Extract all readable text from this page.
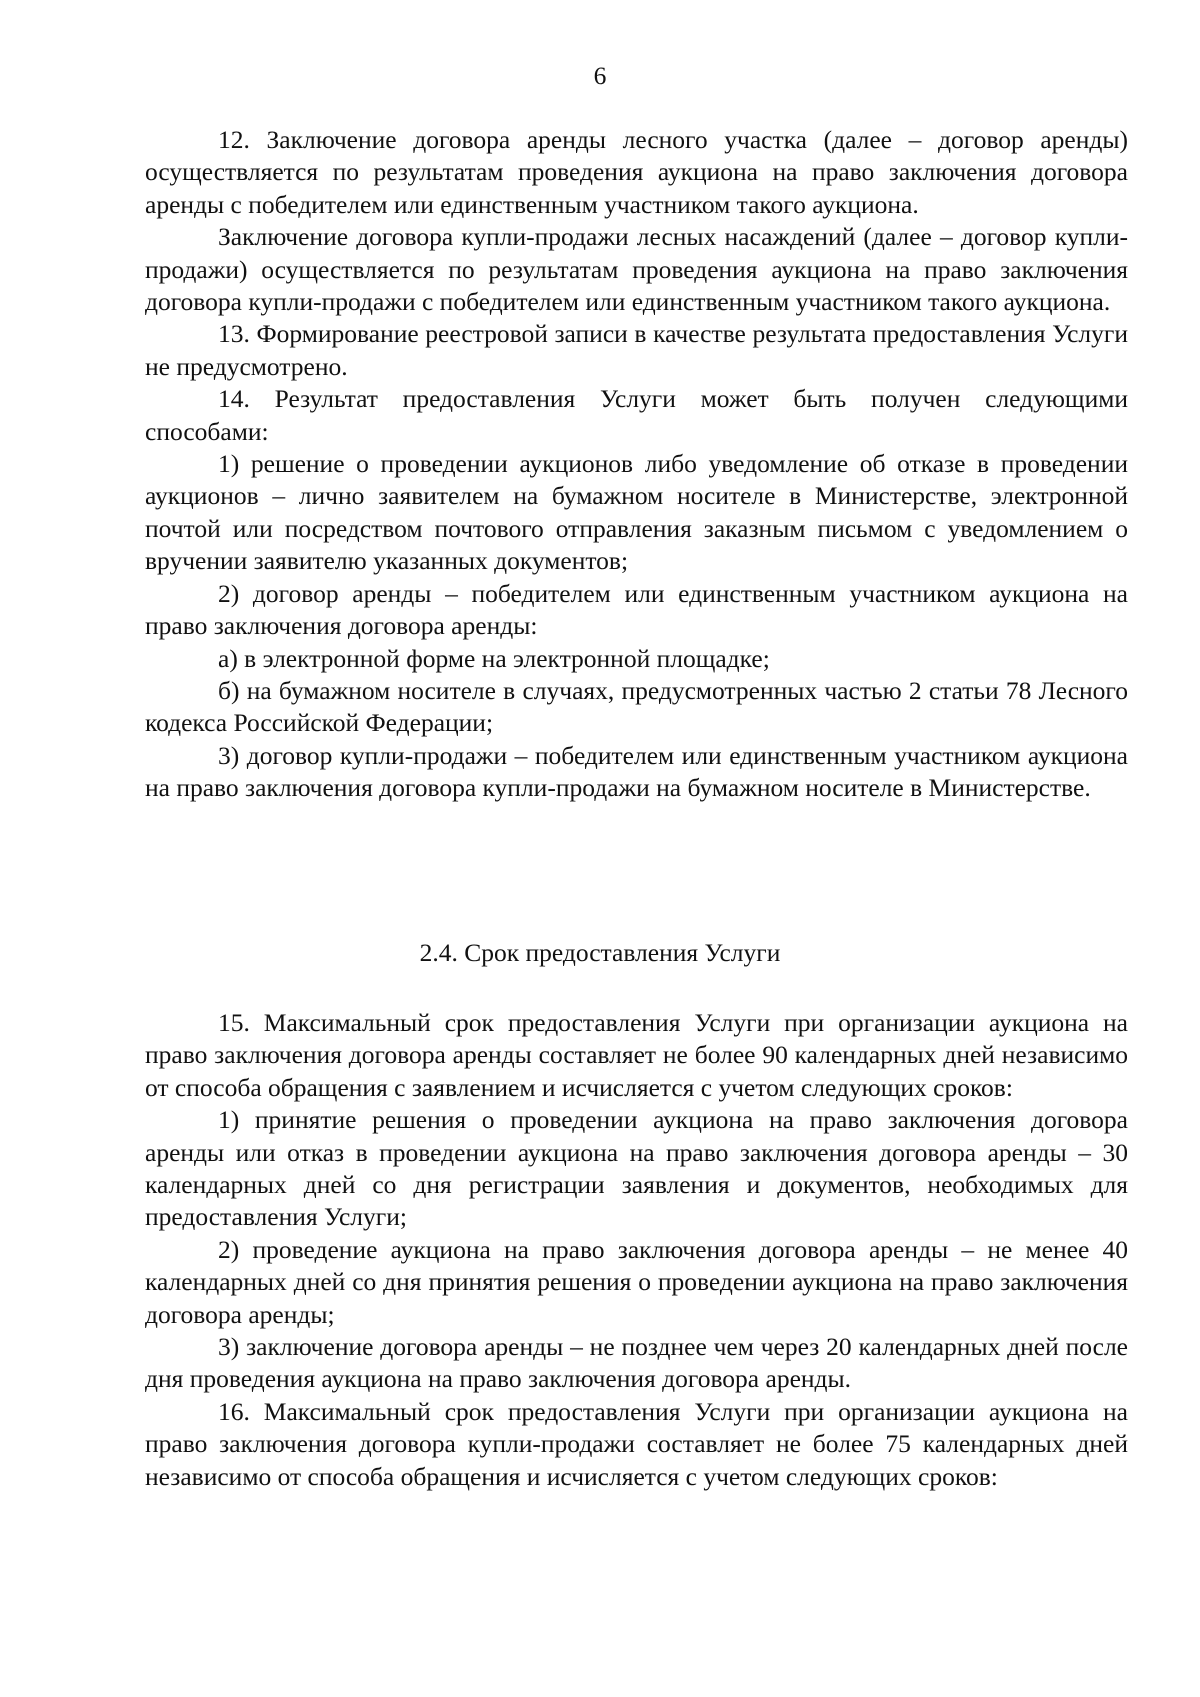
6

12. Заключение договора аренды лесного участка (далее – договор аренды) осуществляется по результатам проведения аукциона на право заключения договора аренды с победителем или единственным участником такого аукциона.

Заключение договора купли-продажи лесных насаждений (далее – договор купли-продажи) осуществляется по результатам проведения аукциона на право заключения договора купли-продажи с победителем или единственным участником такого аукциона.

13. Формирование реестровой записи в качестве результата предоставления Услуги не предусмотрено.

14. Результат предоставления Услуги может быть получен следующими способами:

1) решение о проведении аукционов либо уведомление об отказе в проведении аукционов – лично заявителем на бумажном носителе в Министерстве, электронной почтой или посредством почтового отправления заказным письмом с уведомлением о вручении заявителю указанных документов;

2) договор аренды – победителем или единственным участником аукциона на право заключения договора аренды:

а) в электронной форме на электронной площадке;

б) на бумажном носителе в случаях, предусмотренных частью 2 статьи 78 Лесного кодекса Российской Федерации;

3) договор купли-продажи – победителем или единственным участником аукциона на право заключения договора купли-продажи на бумажном носителе в Министерстве.

2.4. Срок предоставления Услуги

15. Максимальный срок предоставления Услуги при организации аукциона на право заключения договора аренды составляет не более 90 календарных дней независимо от способа обращения с заявлением и исчисляется с учетом следующих сроков:

1) принятие решения о проведении аукциона на право заключения договора аренды или отказ в проведении аукциона на право заключения договора аренды – 30 календарных дней со дня регистрации заявления и документов, необходимых для предоставления Услуги;

2) проведение аукциона на право заключения договора аренды – не менее 40 календарных дней со дня принятия решения о проведении аукциона на право заключения договора аренды;

3) заключение договора аренды – не позднее чем через 20 календарных дней после дня проведения аукциона на право заключения договора аренды.

16. Максимальный срок предоставления Услуги при организации аукциона на право заключения договора купли-продажи составляет не более 75 календарных дней независимо от способа обращения и исчисляется с учетом следующих сроков:
